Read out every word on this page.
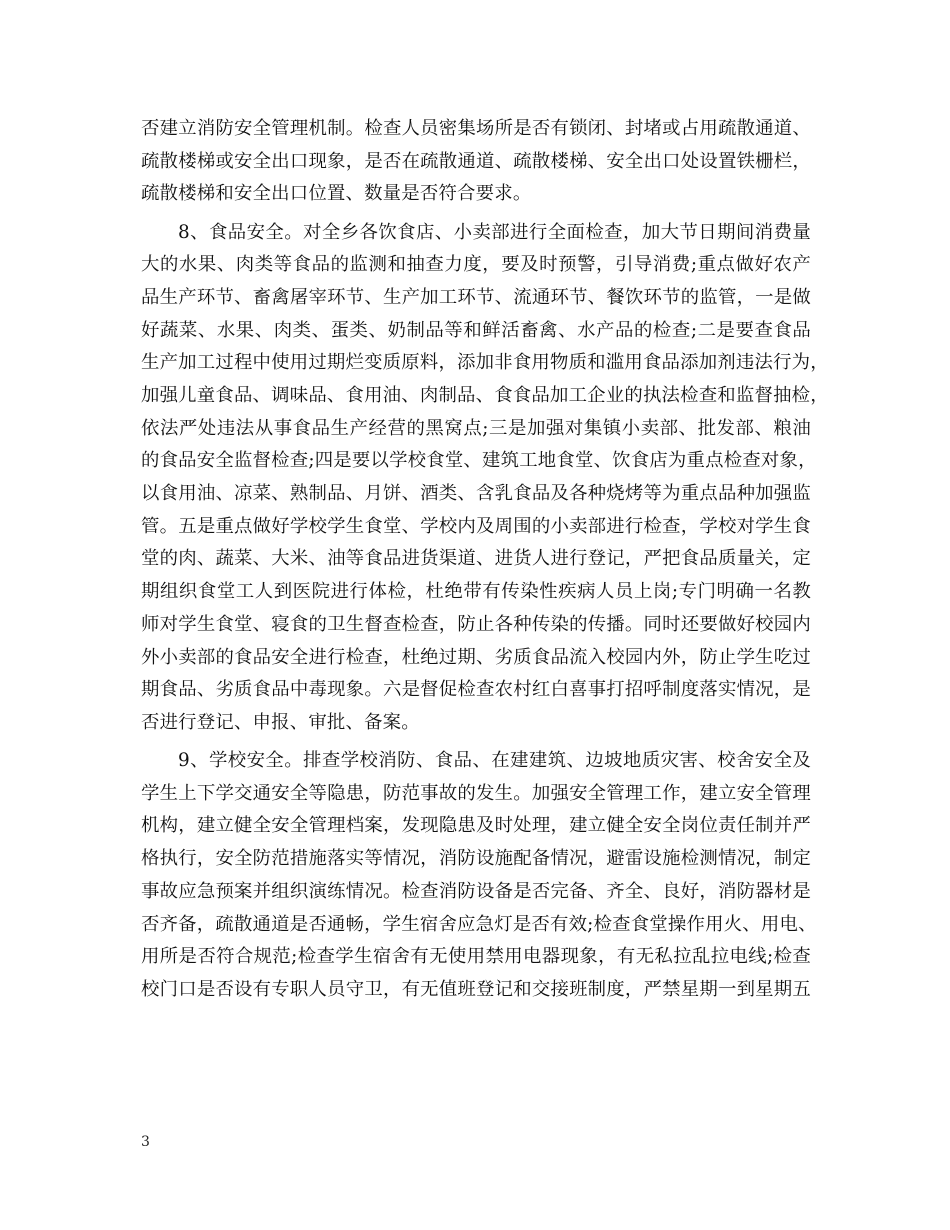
否建立消防安全管理机制。检查人员密集场所是否有锁闭、封堵或占用疏散通道、
疏散楼梯或安全出口现象，是否在疏散通道、疏散楼梯、安全出口处设置铁栅栏，
疏散楼梯和安全出口位置、数量是否符合要求。
8、食品安全。对全乡各饮食店、小卖部进行全面检查，加大节日期间消费量
大的水果、肉类等食品的监测和抽查力度，要及时预警，引导消费;重点做好农产
品生产环节、畜禽屠宰环节、生产加工环节、流通环节、餐饮环节的监管，一是做
好蔬菜、水果、肉类、蛋类、奶制品等和鲜活畜禽、水产品的检查;二是要查食品
生产加工过程中使用过期烂变质原料，添加非食用物质和滥用食品添加剂违法行为，
加强儿童食品、调味品、食用油、肉制品、食食品加工企业的执法检查和监督抽检，
依法严处违法从事食品生产经营的黑窝点;三是加强对集镇小卖部、批发部、粮油
的食品安全监督检查;四是要以学校食堂、建筑工地食堂、饮食店为重点检查对象，
以食用油、凉菜、熟制品、月饼、酒类、含乳食品及各种烧烤等为重点品种加强监
管。五是重点做好学校学生食堂、学校内及周围的小卖部进行检查，学校对学生食
堂的肉、蔬菜、大米、油等食品进货渠道、进货人进行登记，严把食品质量关，定
期组织食堂工人到医院进行体检，杜绝带有传染性疾病人员上岗;专门明确一名教
师对学生食堂、寝食的卫生督查检查，防止各种传染的传播。同时还要做好校园内
外小卖部的食品安全进行检查，杜绝过期、劣质食品流入校园内外，防止学生吃过
期食品、劣质食品中毒现象。六是督促检查农村红白喜事打招呼制度落实情况，是
否进行登记、申报、审批、备案。
9、学校安全。排查学校消防、食品、在建建筑、边坡地质灾害、校舍安全及
学生上下学交通安全等隐患，防范事故的发生。加强安全管理工作，建立安全管理
机构，建立健全安全管理档案，发现隐患及时处理，建立健全安全岗位责任制并严
格执行，安全防范措施落实等情况，消防设施配备情况，避雷设施检测情况，制定
事故应急预案并组织演练情况。检查消防设备是否完备、齐全、良好，消防器材是
否齐备，疏散通道是否通畅，学生宿舍应急灯是否有效;检查食堂操作用火、用电、
用所是否符合规范;检查学生宿舍有无使用禁用电器现象，有无私拉乱拉电线;检查
校门口是否设有专职人员守卫，有无值班登记和交接班制度，严禁星期一到星期五
3
